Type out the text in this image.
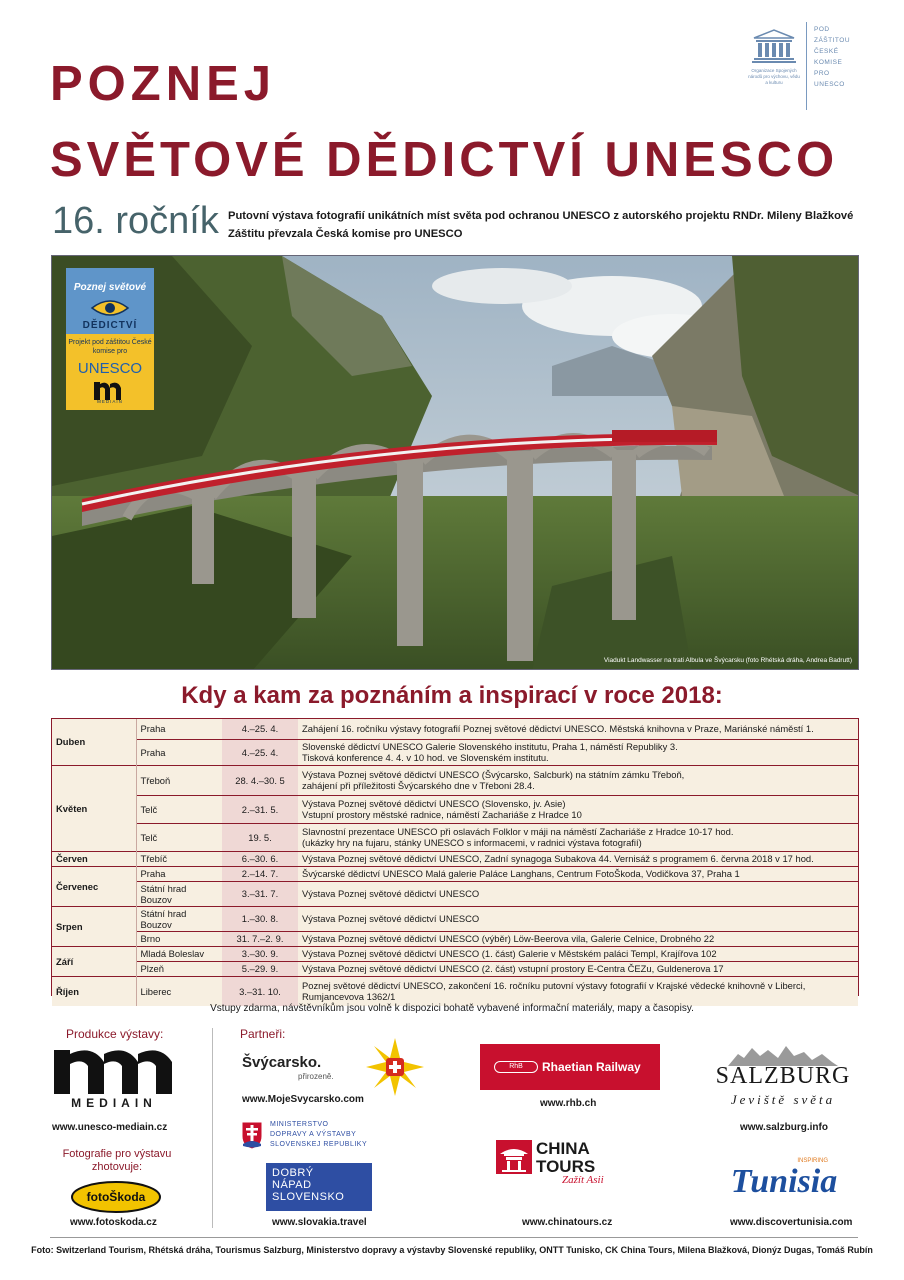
POZNEJ
SVĚTOVÉ DĚDICTVÍ UNESCO
16. ročník Putovní výstava fotografií unikátních míst světa pod ochranou UNESCO z autorského projektu RNDr. Mileny Blažkové
Záštitu převzala Česká komise pro UNESCO
Organizace Spojených národů pro výchovu, vědu a kulturu
POD
ZÁŠTITOU
ČESKÉ
KOMISE
PRO
UNESCO
Viadukt Landwasser na trati Albula ve Švýcarsku (foto Rhétská dráha, Andrea Badrutt)
Poznej světové
DĚDICTVÍ
Projekt pod záštitou České komise pro
UNESCO
MEDIAIN
Kdy a kam za poznáním a inspirací v roce 2018:
Duben	Praha	4.–25. 4.	Zahájení 16. ročníku výstavy fotografií Poznej světové dědictví UNESCO. Městská knihovna v Praze, Mariánské náměstí 1.

	Praha	4.–25. 4.	Slovenské dědictví UNESCO Galerie Slovenského institutu, Praha 1, náměstí Republiky 3.
Tisková konference 4. 4. v 10 hod. ve Slovenském institutu.

Květen	Třeboň	28. 4.–30. 5	Výstava Poznej světové dědictví UNESCO (Švýcarsko, Salcburk) na státním zámku Třeboň,
zahájení při příležitosti Švýcarského dne v Třeboni 28.4.

	Telč	2.–31. 5.	Výstava Poznej světové dědictví UNESCO (Slovensko, jv. Asie)
Vstupní prostory městské radnice, náměstí Zachariáše z Hradce 10

	Telč	19. 5.	Slavnostní prezentace UNESCO při oslavách Folklor v máji na náměstí Zachariáše z Hradce 10-17 hod.
(ukázky hry na fujaru, stánky UNESCO s informacemi, v radnici výstava fotografií)

Červen	Třebíč	6.–30. 6.	Výstava Poznej světové dědictví UNESCO, Zadní synagoga Subakova 44. Vernisáž s programem 6. června 2018 v 17 hod.

Červenec	Praha	2.–14. 7.	Švýcarské dědictví UNESCO Malá galerie Paláce Langhans, Centrum FotoŠkoda, Vodičkova 37, Praha 1

	Státní hrad Bouzov	3.–31. 7.	Výstava Poznej světové dědictví UNESCO

Srpen	Státní hrad Bouzov	1.–30. 8.	Výstava Poznej světové dědictví UNESCO

	Brno	31. 7.–2. 9.	Výstava Poznej světové dědictví UNESCO (výběr) Löw-Beerova vila, Galerie Celnice, Drobného 22

Září	Mladá Boleslav	3.–30. 9.	Výstava Poznej světové dědictví UNESCO (1. část) Galerie v Městském paláci Templ, Krajířova 102

	Plzeň	5.–29. 9.	Výstava Poznej světové dědictví UNESCO (2. část) vstupní prostory E-Centra ČEZu, Guldenerova 17

Říjen	Liberec	3.–31. 10.	Poznej světové dědictví UNESCO, zakončení 16. ročníku putovní výstavy fotografií v Krajské vědecké knihovně v Liberci,
Rumjancevova 1362/1
Vstupy zdarma, návštěvníkům jsou volně k dispozici bohatě vybavené informační materiály, mapy a časopisy.
Produkce výstavy:	Partneři:
MEDIAIN
www.unesco-mediain.cz
Fotografie pro výstavu zhotovuje:
fotoŠkoda
www.fotoskoda.cz
Švýcarsko.
přirozeně.
www.MojeSvycarsko.com
RhB	Rhaetian Railway
www.rhb.ch
SALZBURG
Jeviště světa
www.salzburg.info
MINISTERSTVO
DOPRAVY A VÝSTAVBY
SLOVENSKEJ REPUBLIKY
DOBRÝ
NÁPAD
SLOVENSKO
www.slovakia.travel
CHINA
TOURS
Zažít Asii
www.chinatours.cz
INSPIRING
Tunisia
www.discovertunisia.com
Foto: Switzerland Tourism, Rhétská dráha, Tourismus Salzburg, Ministerstvo dopravy a výstavby Slovenské republiky, ONTT Tunisko, CK China Tours, Milena Blažková, Dionýz Dugas, Tomáš Rubín
